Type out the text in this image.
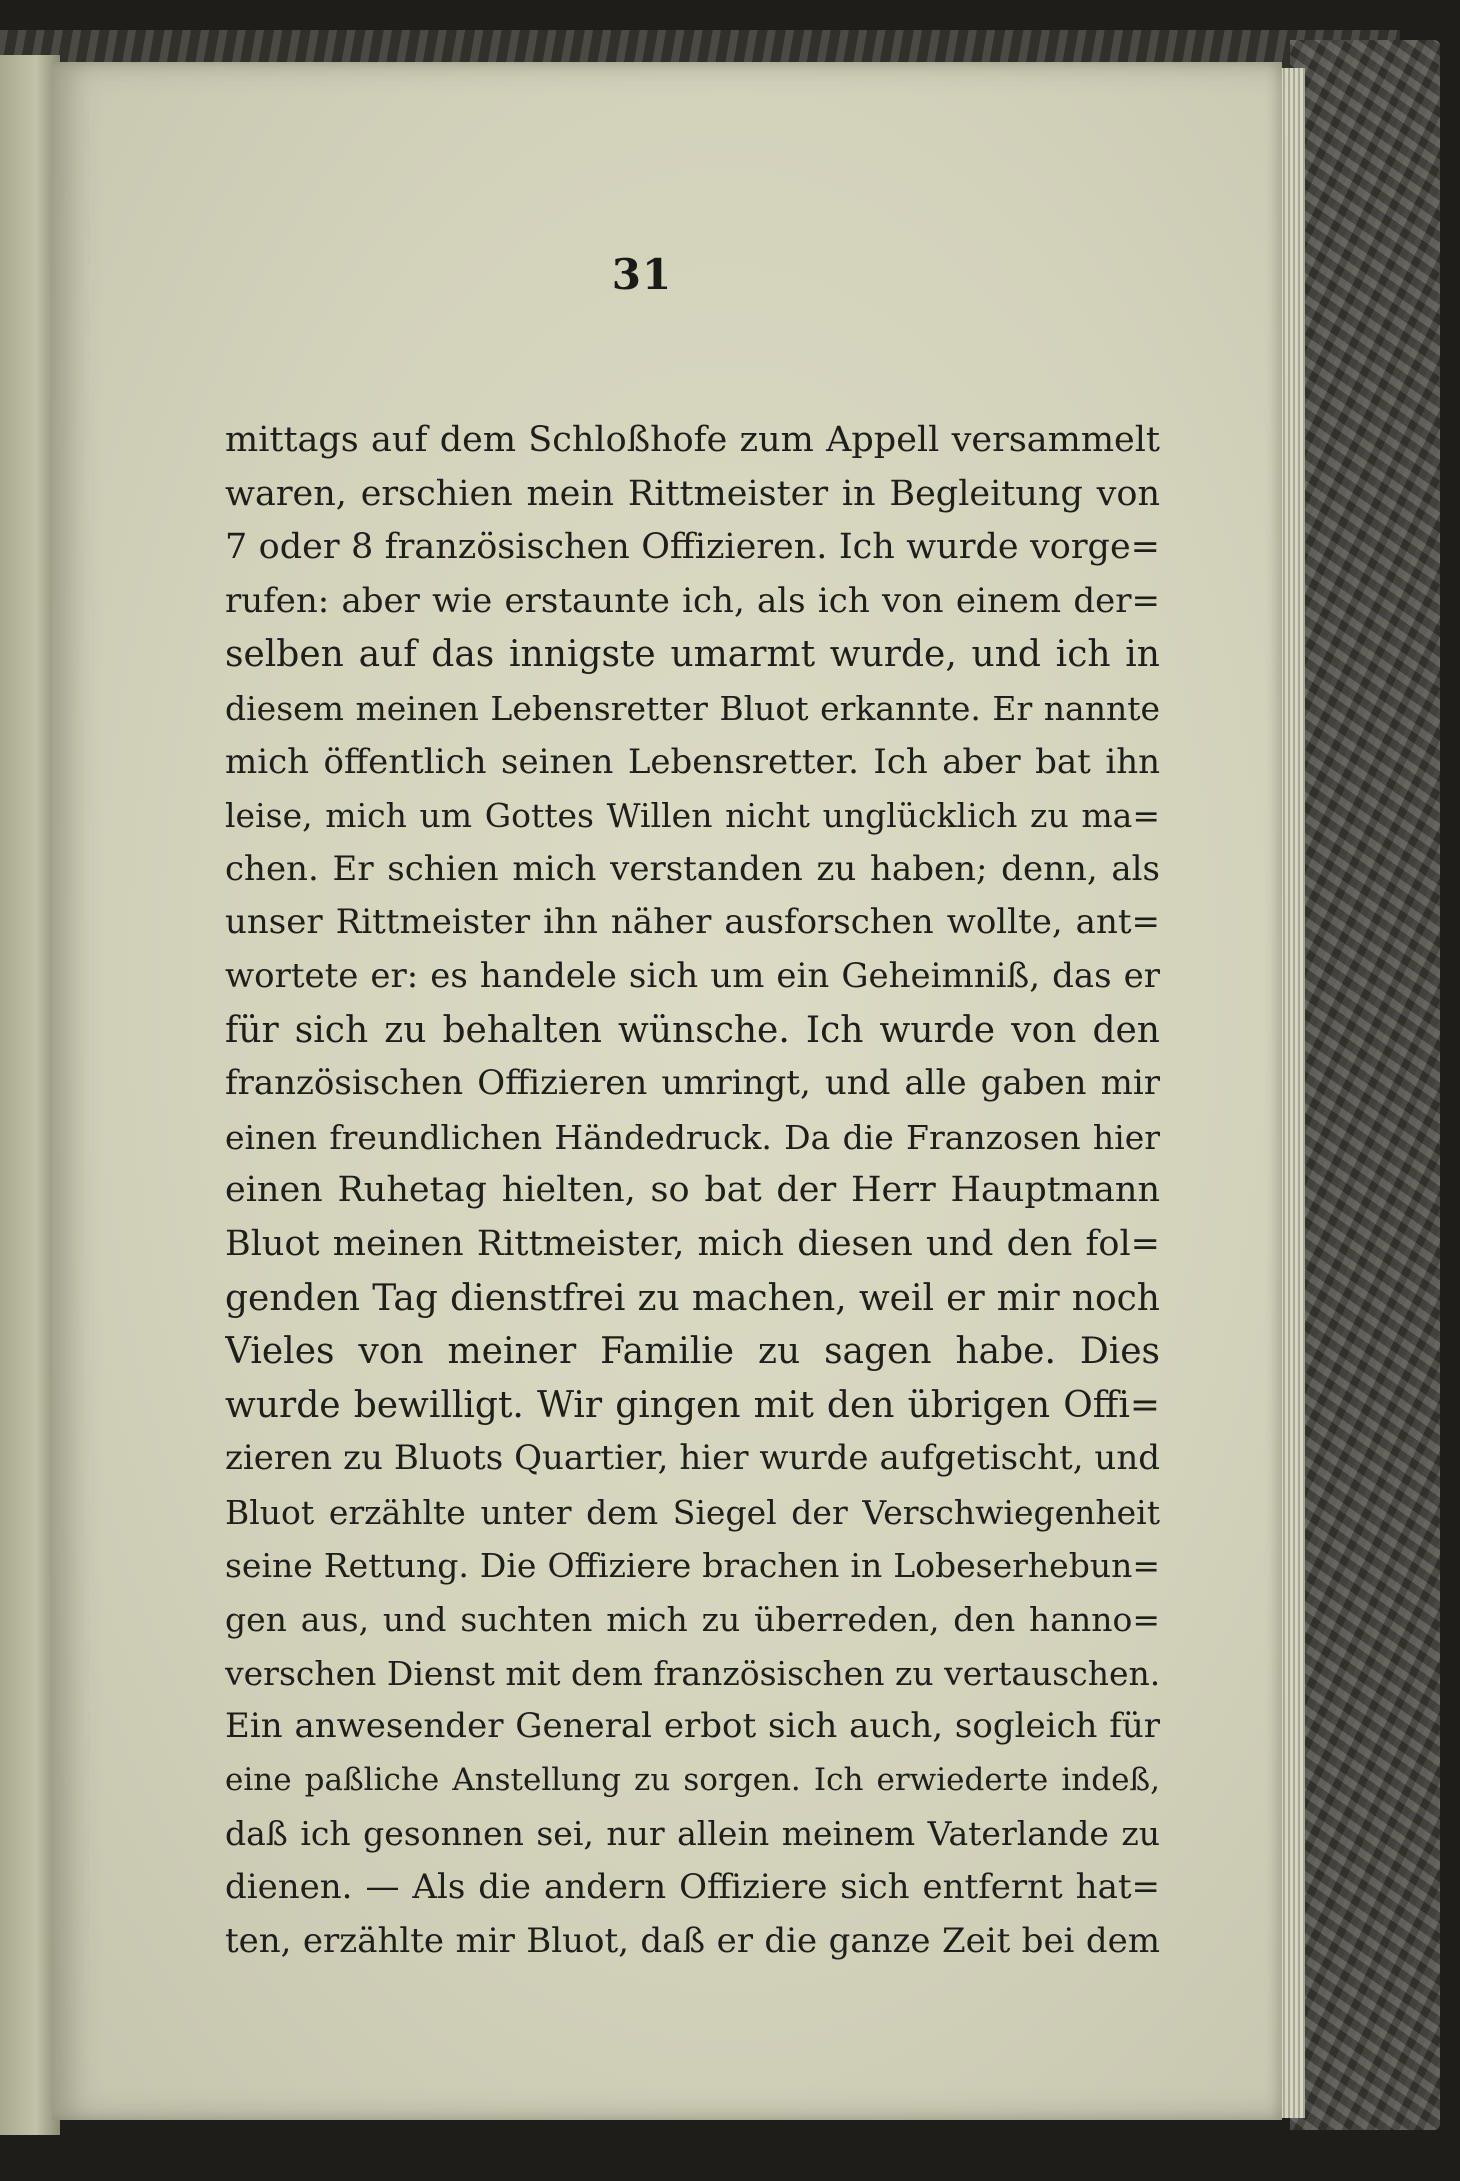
31
mittags auf dem Schloßhofe zum Appell versammelt
waren, erschien mein Rittmeister in Begleitung von
7 oder 8 französischen Offizieren. Ich wurde vorge=
rufen: aber wie erstaunte ich, als ich von einem der=
selben auf das innigste umarmt wurde, und ich in
diesem meinen Lebensretter Bluot erkannte. Er nannte
mich öffentlich seinen Lebensretter. Ich aber bat ihn
leise, mich um Gottes Willen nicht unglücklich zu ma=
chen. Er schien mich verstanden zu haben; denn, als
unser Rittmeister ihn näher ausforschen wollte, ant=
wortete er: es handele sich um ein Geheimniß, das er
für sich zu behalten wünsche. Ich wurde von den
französischen Offizieren umringt, und alle gaben mir
einen freundlichen Händedruck. Da die Franzosen hier
einen Ruhetag hielten, so bat der Herr Hauptmann
Bluot meinen Rittmeister, mich diesen und den fol=
genden Tag dienstfrei zu machen, weil er mir noch
Vieles von meiner Familie zu sagen habe. Dies
wurde bewilligt. Wir gingen mit den übrigen Offi=
zieren zu Bluots Quartier, hier wurde aufgetischt, und
Bluot erzählte unter dem Siegel der Verschwiegenheit
seine Rettung. Die Offiziere brachen in Lobeserhebun=
gen aus, und suchten mich zu überreden, den hanno=
verschen Dienst mit dem französischen zu vertauschen.
Ein anwesender General erbot sich auch, sogleich für
eine paßliche Anstellung zu sorgen. Ich erwiederte indeß,
daß ich gesonnen sei, nur allein meinem Vaterlande zu
dienen. — Als die andern Offiziere sich entfernt hat=
ten, erzählte mir Bluot, daß er die ganze Zeit bei dem
